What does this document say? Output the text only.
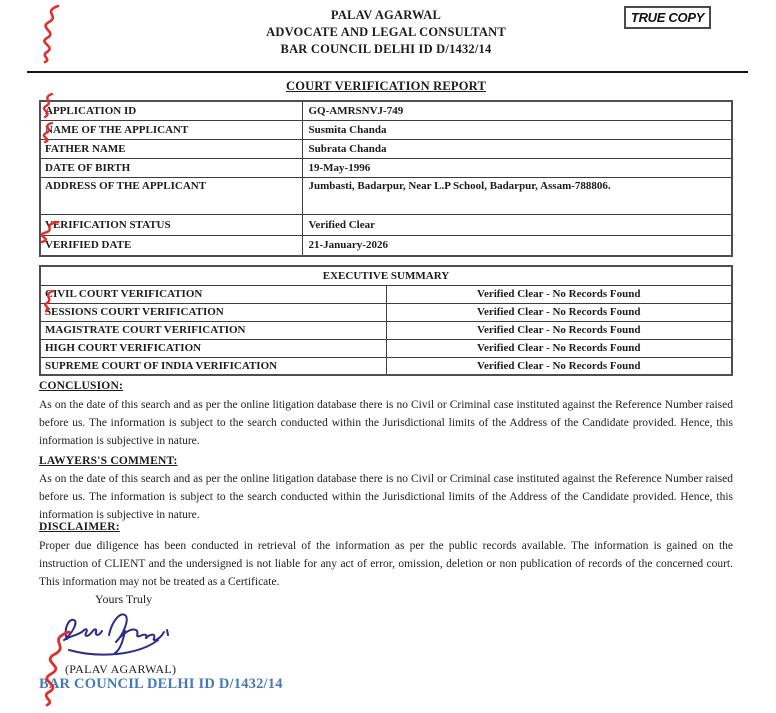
PALAV AGARWAL
ADVOCATE AND LEGAL CONSULTANT
BAR COUNCIL DELHI ID D/1432/14
TRUE COPY
COURT VERIFICATION REPORT
APPLICATION ID	GQ-AMRSNVJ-749
NAME OF THE APPLICANT	Susmita Chanda
FATHER NAME	Subrata Chanda
DATE OF BIRTH	19-May-1996
ADDRESS OF THE APPLICANT	Jumbasti, Badarpur, Near L.P School, Badarpur, Assam-788806.
VERIFICATION STATUS	Verified Clear
VERIFIED DATE	21-January-2026
EXECUTIVE SUMMARY	
CIVIL COURT VERIFICATION	Verified Clear - No Records Found
SESSIONS COURT VERIFICATION	Verified Clear - No Records Found
MAGISTRATE COURT VERIFICATION	Verified Clear - No Records Found
HIGH COURT VERIFICATION	Verified Clear - No Records Found
SUPREME COURT OF INDIA VERIFICATION	Verified Clear - No Records Found
CONCLUSION:
As on the date of this search and as per the online litigation database there is no Civil or Criminal case instituted against the Reference Number raised before us. The information is subject to the search conducted within the Jurisdictional limits of the Address of the Candidate provided. Hence, this information is subjective in nature.
LAWYERS'S COMMENT:
As on the date of this search and as per the online litigation database there is no Civil or Criminal case instituted against the Reference Number raised before us. The information is subject to the search conducted within the Jurisdictional limits of the Address of the Candidate provided. Hence, this information is subjective in nature.
DISCLAIMER:
Proper due diligence has been conducted in retrieval of the information as per the public records available. The information is gained on the instruction of CLIENT and the undersigned is not liable for any act of error, omission, deletion or non publication of records of the concerned court. This information may not be treated as a Certificate.
Yours Truly
(PALAV AGARWAL)
BAR COUNCIL DELHI ID D/1432/14
